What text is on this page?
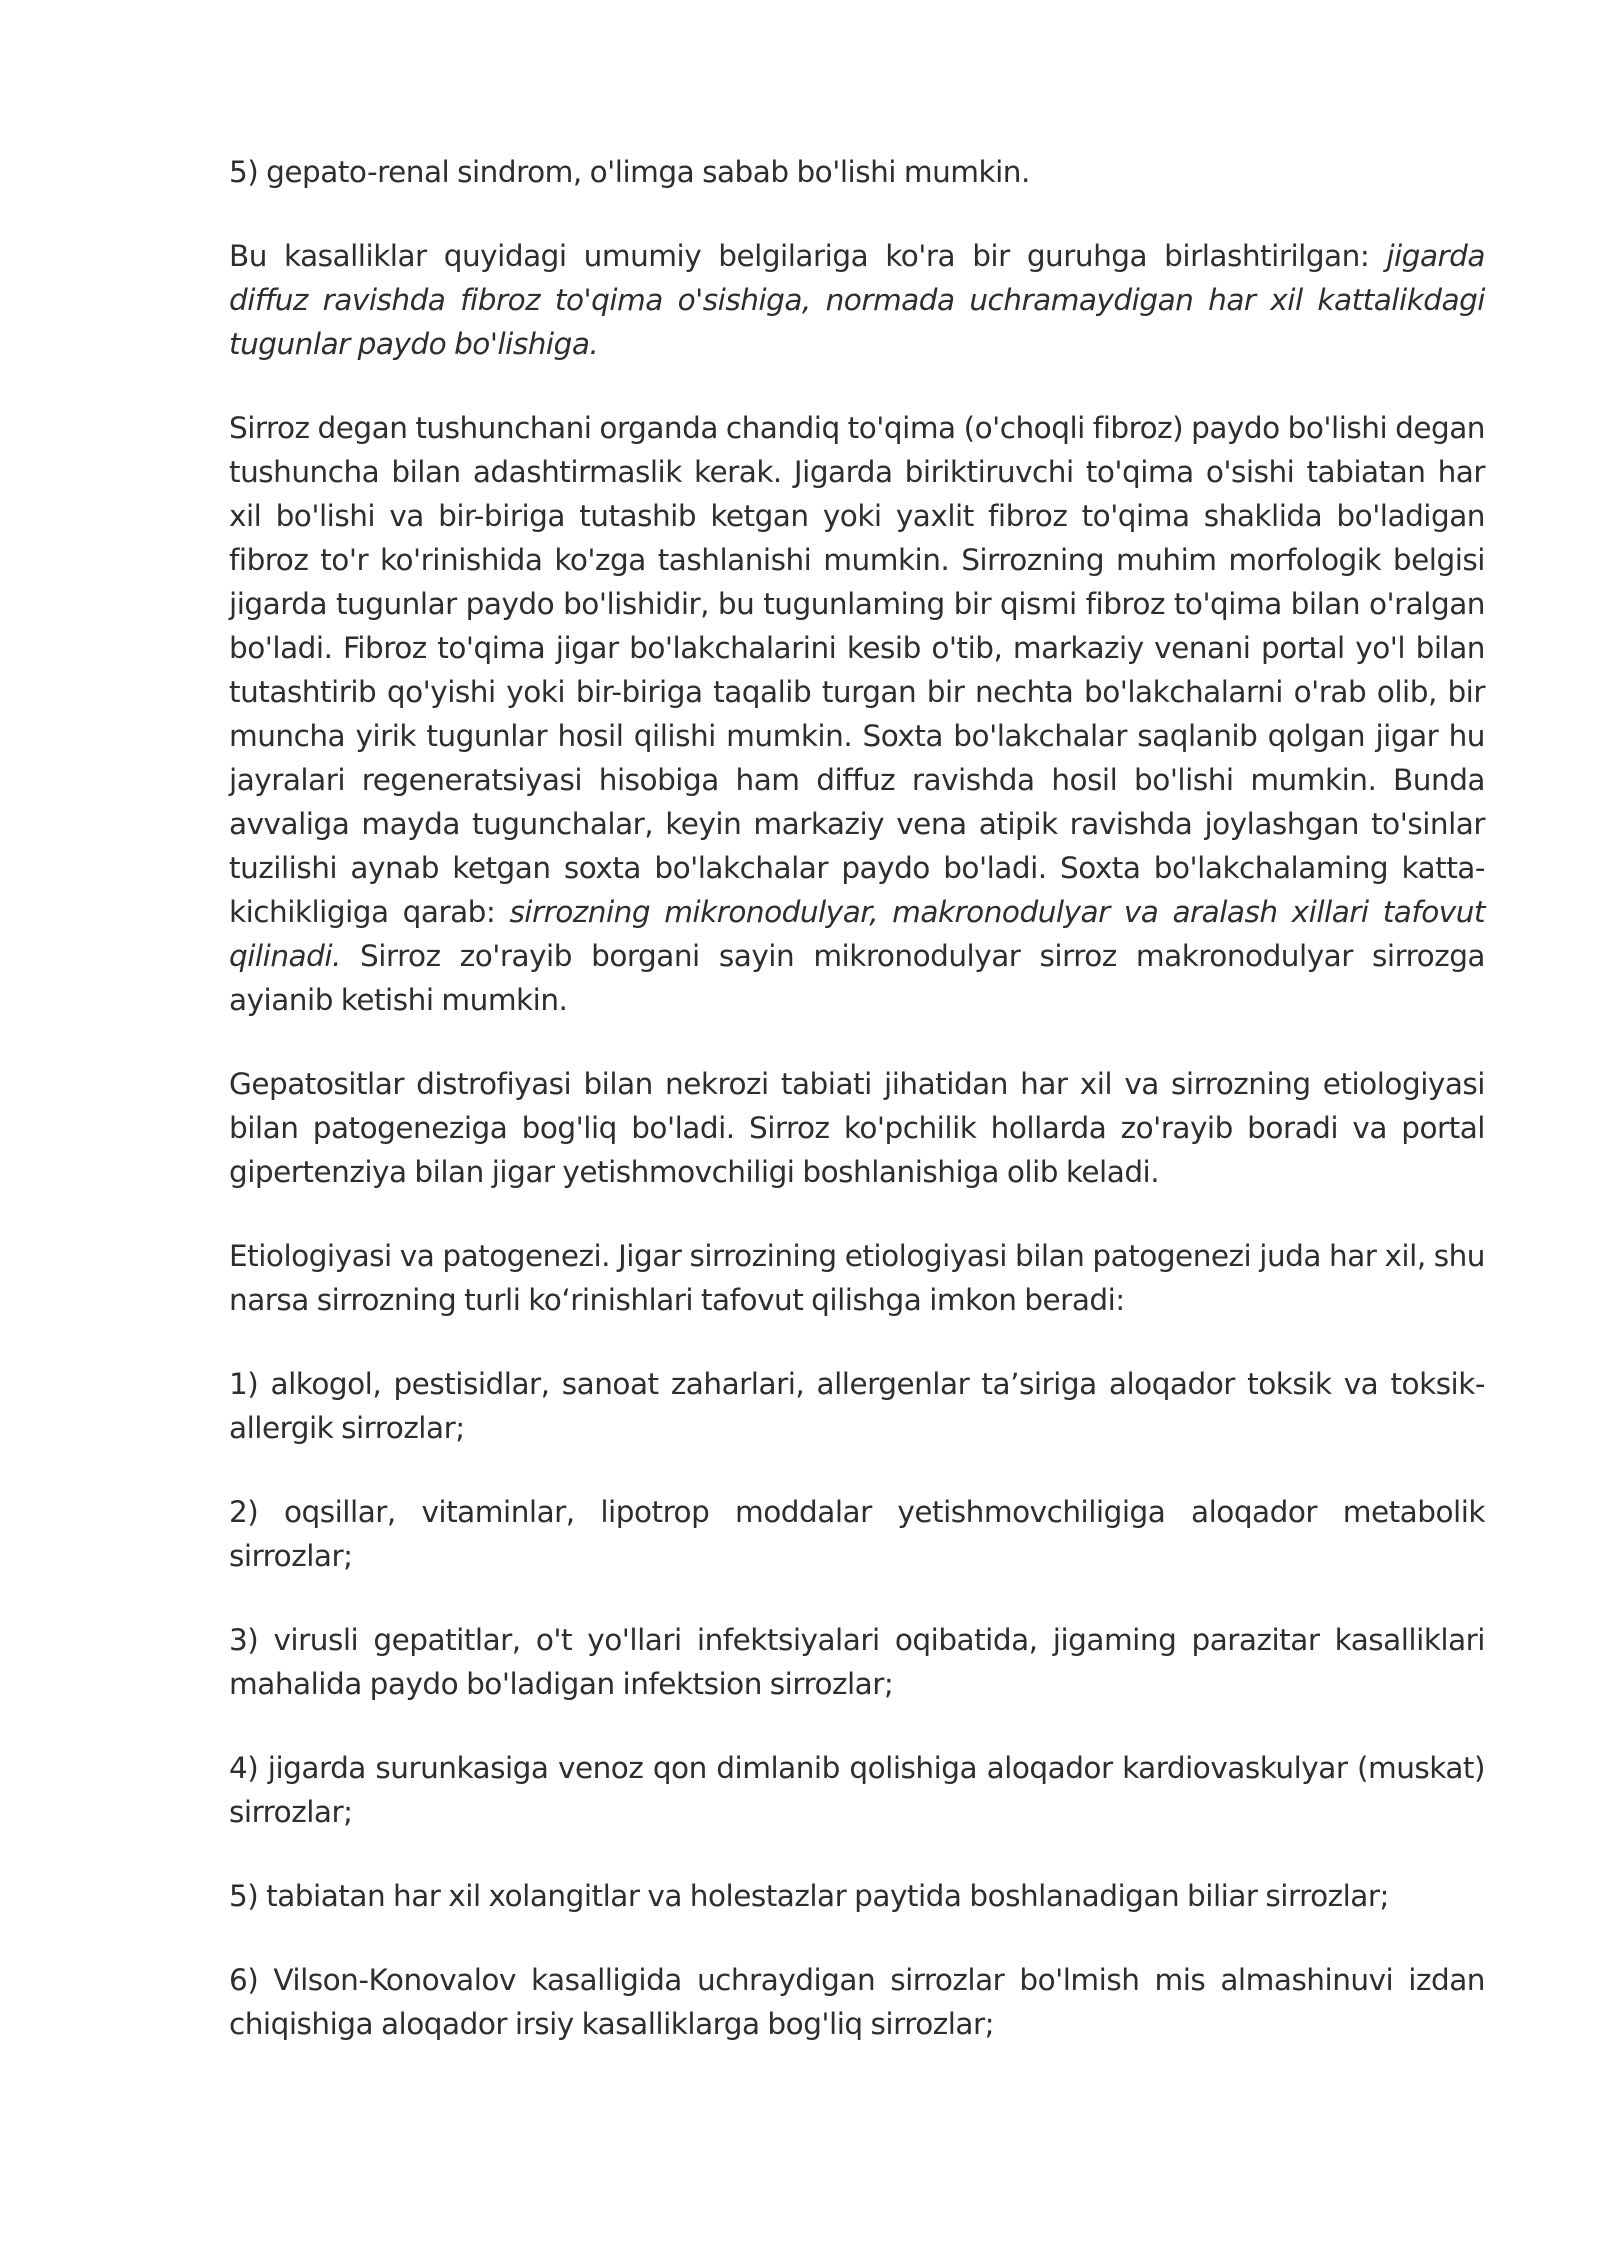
5) gepato-renal sindrom, o'limga sabab bo'lishi mumkin.

Bu kasalliklar quyidagi umumiy belgilariga ko'ra bir guruhga birlashtirilgan: jigarda diffuz ravishda fibroz to'qima o'sishiga, normada uchramaydigan har xil kattalikdagi tugunlar paydo bo'lishiga.

Sirroz degan tushunchani organda chandiq to'qima (o'choqli fibroz) paydo bo'lishi degan tushuncha bilan adashtirmaslik kerak. Jigarda biriktiruvchi to'qima o'sishi tabiatan har xil bo'lishi va bir-biriga tutashib ketgan yoki yaxlit fibroz to'qima shaklida bo'ladigan fibroz to'r ko'rinishida ko'zga tashlanishi mumkin. Sirrozning muhim morfologik belgisi jigarda tugunlar paydo bo'lishidir, bu tugunlaming bir qismi fibroz to'qima bilan o'ralgan bo'ladi. Fibroz to'qima jigar bo'lakchalarini kesib o'tib, markaziy venani portal yo'l bilan tutashtirib qo'yishi yoki bir-biriga taqalib turgan bir nechta bo'lakchalarni o'rab olib, bir muncha yirik tugunlar hosil qilishi mumkin. Soxta bo'lakchalar saqlanib qolgan jigar hu jayralari regeneratsiyasi hisobiga ham diffuz ravishda hosil bo'lishi mumkin. Bunda avvaliga mayda tugunchalar, keyin markaziy vena atipik ravishda joylashgan to'sinlar tuzilishi aynab ketgan soxta bo'lakchalar paydo bo'ladi. Soxta bo'lakchalaming katta-kichikligiga qarab: sirrozning mikronodulyar, makronodulyar va aralash xillari tafovut qilinadi. Sirroz zo'rayib borgani sayin mikronodulyar sirroz makronodulyar sirrozga ayianib ketishi mumkin.

Gepatositlar distrofiyasi bilan nekrozi tabiati jihatidan har xil va sirrozning etiologiyasi bilan patogeneziga bog'liq bo'ladi. Sirroz ko'pchilik hollarda zo'rayib boradi va portal gipertenziya bilan jigar yetishmovchiligi boshlanishiga olib keladi.

Etiologiyasi va patogenezi. Jigar sirrozining etiologiyasi bilan patogenezi juda har xil, shu narsa sirrozning turli ko‘rinishlari tafovut qilishga imkon beradi:

1) alkogol, pestisidlar, sanoat zaharlari, allergenlar ta’siriga aloqador toksik va toksik-allergik sirrozlar;

2) oqsillar, vitaminlar, lipotrop moddalar yetishmovchiligiga aloqador metabolik sirrozlar;

3) virusli gepatitlar, o't yo'llari infektsiyalari oqibatida, jigaming parazitar kasalliklari mahalida paydo bo'ladigan infektsion sirrozlar;

4) jigarda surunkasiga venoz qon dimlanib qolishiga aloqador kardiovaskulyar (muskat) sirrozlar;

5) tabiatan har xil xolangitlar va holestazlar paytida boshlanadigan biliar sirrozlar;

6) Vilson-Konovalov kasalligida uchraydigan sirrozlar bo'lmish mis almashinuvi izdan chiqishiga aloqador irsiy kasalliklarga bog'liq sirrozlar;
